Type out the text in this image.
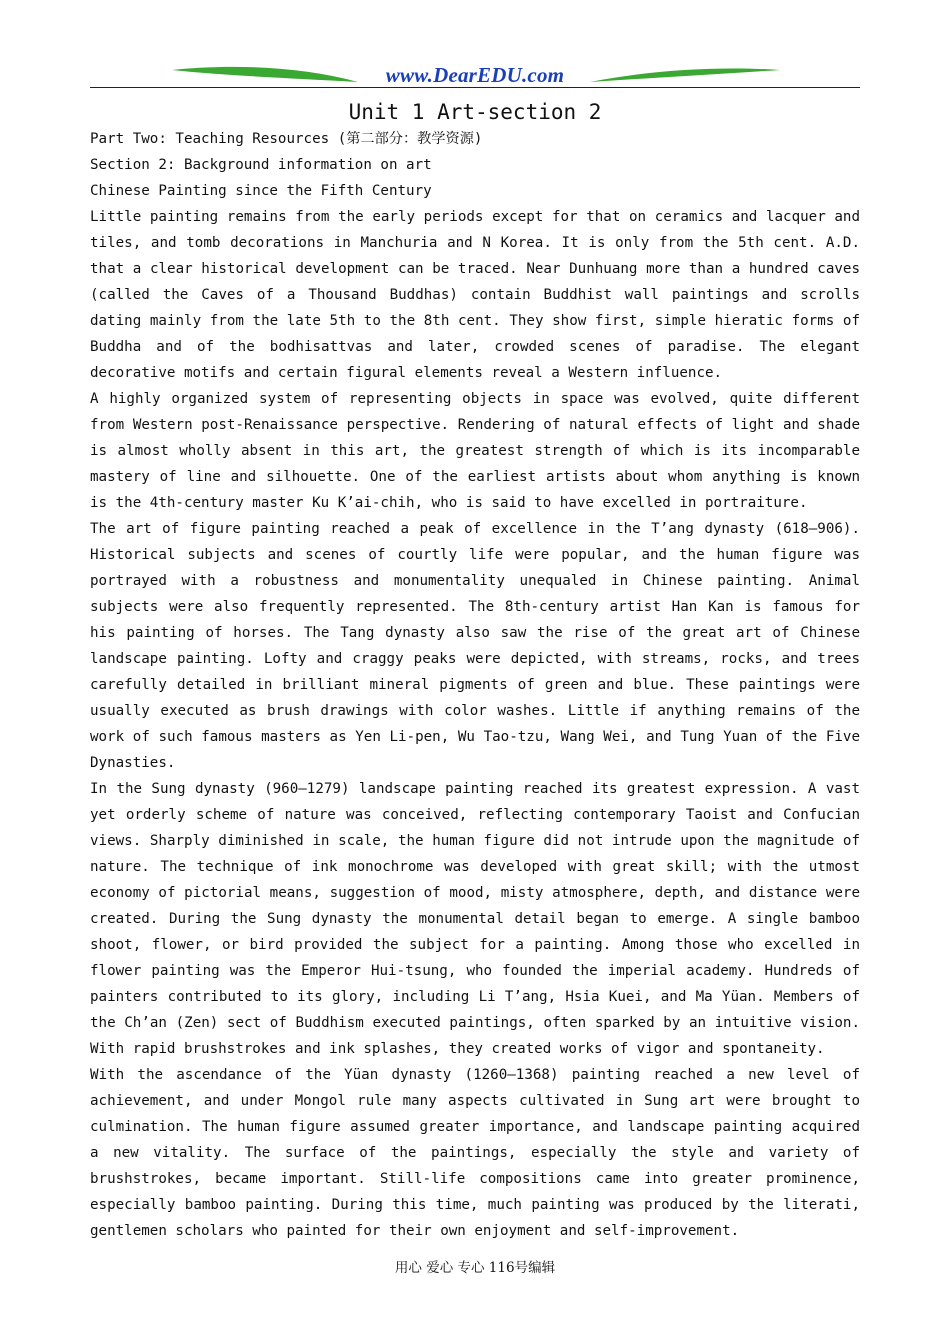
www.DearEDU.com
Unit 1 Art-section 2

Part Two: Teaching Resources (第二部分：教学资源)

Section 2: Background information on art

Chinese Painting since the Fifth Century

Little painting remains from the early periods except for that on ceramics and lacquer and tiles, and tomb decorations in Manchuria and N Korea. It is only from the 5th cent. A.D. that a clear historical development can be traced. Near Dunhuang more than a hundred caves (called the Caves of a Thousand Buddhas) contain Buddhist wall paintings and scrolls dating mainly from the late 5th to the 8th cent. They show first, simple hieratic forms of Buddha and of the bodhisattvas and later, crowded scenes of paradise. The elegant decorative motifs and certain figural elements reveal a Western influence.

A highly organized system of representing objects in space was evolved, quite different from Western post-Renaissance perspective. Rendering of natural effects of light and shade is almost wholly absent in this art, the greatest strength of which is its incomparable mastery of line and silhouette. One of the earliest artists about whom anything is known is the 4th-century master Ku K’ai-chih, who is said to have excelled in portraiture.

The art of figure painting reached a peak of excellence in the T’ang dynasty (618–906). Historical subjects and scenes of courtly life were popular, and the human figure was portrayed with a robustness and monumentality unequaled in Chinese painting. Animal subjects were also frequently represented. The 8th-century artist Han Kan is famous for his painting of horses. The Tang dynasty also saw the rise of the great art of Chinese landscape painting. Lofty and craggy peaks were depicted, with streams, rocks, and trees carefully detailed in brilliant mineral pigments of green and blue. These paintings were usually executed as brush drawings with color washes. Little if anything remains of the work of such famous masters as Yen Li-pen, Wu Tao-tzu, Wang Wei, and Tung Yuan of the Five Dynasties.

In the Sung dynasty (960–1279) landscape painting reached its greatest expression. A vast yet orderly scheme of nature was conceived, reflecting contemporary Taoist and Confucian views. Sharply diminished in scale, the human figure did not intrude upon the magnitude of nature. The technique of ink monochrome was developed with great skill; with the utmost economy of pictorial means, suggestion of mood, misty atmosphere, depth, and distance were created. During the Sung dynasty the monumental detail began to emerge. A single bamboo shoot, flower, or bird provided the subject for a painting. Among those who excelled in flower painting was the Emperor Hui-tsung, who founded the imperial academy. Hundreds of painters contributed to its glory, including Li T’ang, Hsia Kuei, and Ma Yüan. Members of the Ch’an (Zen) sect of Buddhism executed paintings, often sparked by an intuitive vision. With rapid brushstrokes and ink splashes, they created works of vigor and spontaneity.

With the ascendance of the Yüan dynasty (1260–1368) painting reached a new level of achievement, and under Mongol rule many aspects cultivated in Sung art were brought to culmination. The human figure assumed greater importance, and landscape painting acquired a new vitality. The surface of the paintings, especially the style and variety of brushstrokes, became important. Still-life compositions came into greater prominence, especially bamboo painting. During this time, much painting was produced by the literati, gentlemen scholars who painted for their own enjoyment and self-improvement.

用心 爱心 专心 116号编辑
